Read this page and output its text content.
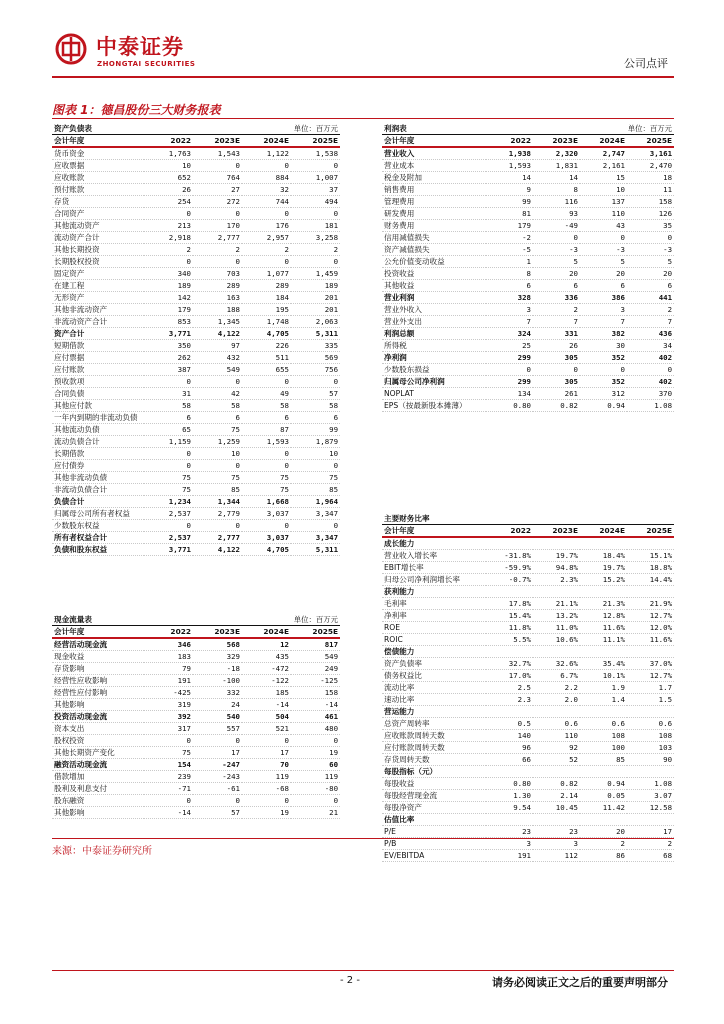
中泰证券
ZHONGTAI SECURITIES	公司点评
图表 1：德昌股份三大财务报表
资产负债表	单位：百万元			
会计年度	2022	2023E	2024E	2025E
货币资金	1,763	1,543	1,122	1,538
应收票据	10	0	0	0
应收账款	652	764	884	1,007
预付账款	26	27	32	37
存货	254	272	744	494
合同资产	0	0	0	0
其他流动资产	213	170	176	181
流动资产合计	2,918	2,777	2,957	3,258
其他长期投资	2	2	2	2
长期股权投资	0	0	0	0
固定资产	340	703	1,077	1,459
在建工程	189	289	289	189
无形资产	142	163	184	201
其他非流动资产	179	188	195	201
非流动资产合计	853	1,345	1,748	2,063
资产合计	3,771	4,122	4,705	5,311
短期借款	350	97	226	335
应付票据	262	432	511	569
应付账款	387	549	655	756
预收款项	0	0	0	0
合同负债	31	42	49	57
其他应付款	58	58	58	58
一年内到期的非流动负债	6	6	6	6
其他流动负债	65	75	87	99
流动负债合计	1,159	1,259	1,593	1,879
长期借款	0	10	0	10
应付债券	0	0	0	0
其他非流动负债	75	75	75	75
非流动负债合计	75	85	75	85
负债合计	1,234	1,344	1,668	1,964
归属母公司所有者权益	2,537	2,779	3,037	3,347
少数股东权益	0	0	0	0
所有者权益合计	2,537	2,777	3,037	3,347
负债和股东权益	3,771	4,122	4,705	5,311
现金流量表	单位：百万元			
会计年度	2022	2023E	2024E	2025E
经营活动现金流	346	568	12	817
现金收益	183	329	435	549
存货影响	79	-18	-472	249
经营性应收影响	191	-100	-122	-125
经营性应付影响	-425	332	185	158
其他影响	319	24	-14	-14
投资活动现金流	392	540	504	461
资本支出	317	557	521	480
股权投资	0	0	0	0
其他长期资产变化	75	17	17	19
融资活动现金流	154	-247	70	60
借款增加	239	-243	119	119
股利及利息支付	-71	-61	-68	-80
股东融资	0	0	0	0
其他影响	-14	57	19	21
利润表	单位：百万元			
会计年度	2022	2023E	2024E	2025E
营业收入	1,938	2,320	2,747	3,161
营业成本	1,593	1,831	2,161	2,470
税金及附加	14	14	15	18
销售费用	9	8	10	11
管理费用	99	116	137	158
研发费用	81	93	110	126
财务费用	179	-49	43	35
信用减值损失	-2	0	0	0
资产减值损失	-5	-3	-3	-3
公允价值变动收益	1	5	5	5
投资收益	8	20	20	20
其他收益	6	6	6	6
营业利润	328	336	386	441
营业外收入	3	2	3	2
营业外支出	7	7	7	7
利润总额	324	331	382	436
所得税	25	26	30	34
净利润	299	305	352	402
少数股东损益	0	0	0	0
归属母公司净利润	299	305	352	402
NOPLAT	134	261	312	370
EPS（按最新股本摊薄）	0.80	0.82	0.94	1.08
主要财务比率				
会计年度	2022	2023E	2024E	2025E
成长能力				
营业收入增长率	-31.8%	19.7%	18.4%	15.1%
EBIT增长率	-59.9%	94.8%	19.7%	18.8%
归母公司净利润增长率	-0.7%	2.3%	15.2%	14.4%
获利能力				
毛利率	17.8%	21.1%	21.3%	21.9%
净利率	15.4%	13.2%	12.8%	12.7%
ROE	11.8%	11.0%	11.6%	12.0%
ROIC	5.5%	10.6%	11.1%	11.6%
偿债能力				
资产负债率	32.7%	32.6%	35.4%	37.0%
债务权益比	17.0%	6.7%	10.1%	12.7%
流动比率	2.5	2.2	1.9	1.7
速动比率	2.3	2.0	1.4	1.5
营运能力				
总资产周转率	0.5	0.6	0.6	0.6
应收账款周转天数	140	110	108	108
应付账款周转天数	96	92	100	103
存货周转天数	66	52	85	90
每股指标（元）				
每股收益	0.80	0.82	0.94	1.08
每股经营现金流	1.30	2.14	0.05	3.07
每股净资产	9.54	10.45	11.42	12.58
估值比率				
P/E	23	23	20	17
P/B	3	3	2	2
EV/EBITDA	191	112	86	68
来源：中泰证券研究所
- 2 -	请务必阅读正文之后的重要声明部分
